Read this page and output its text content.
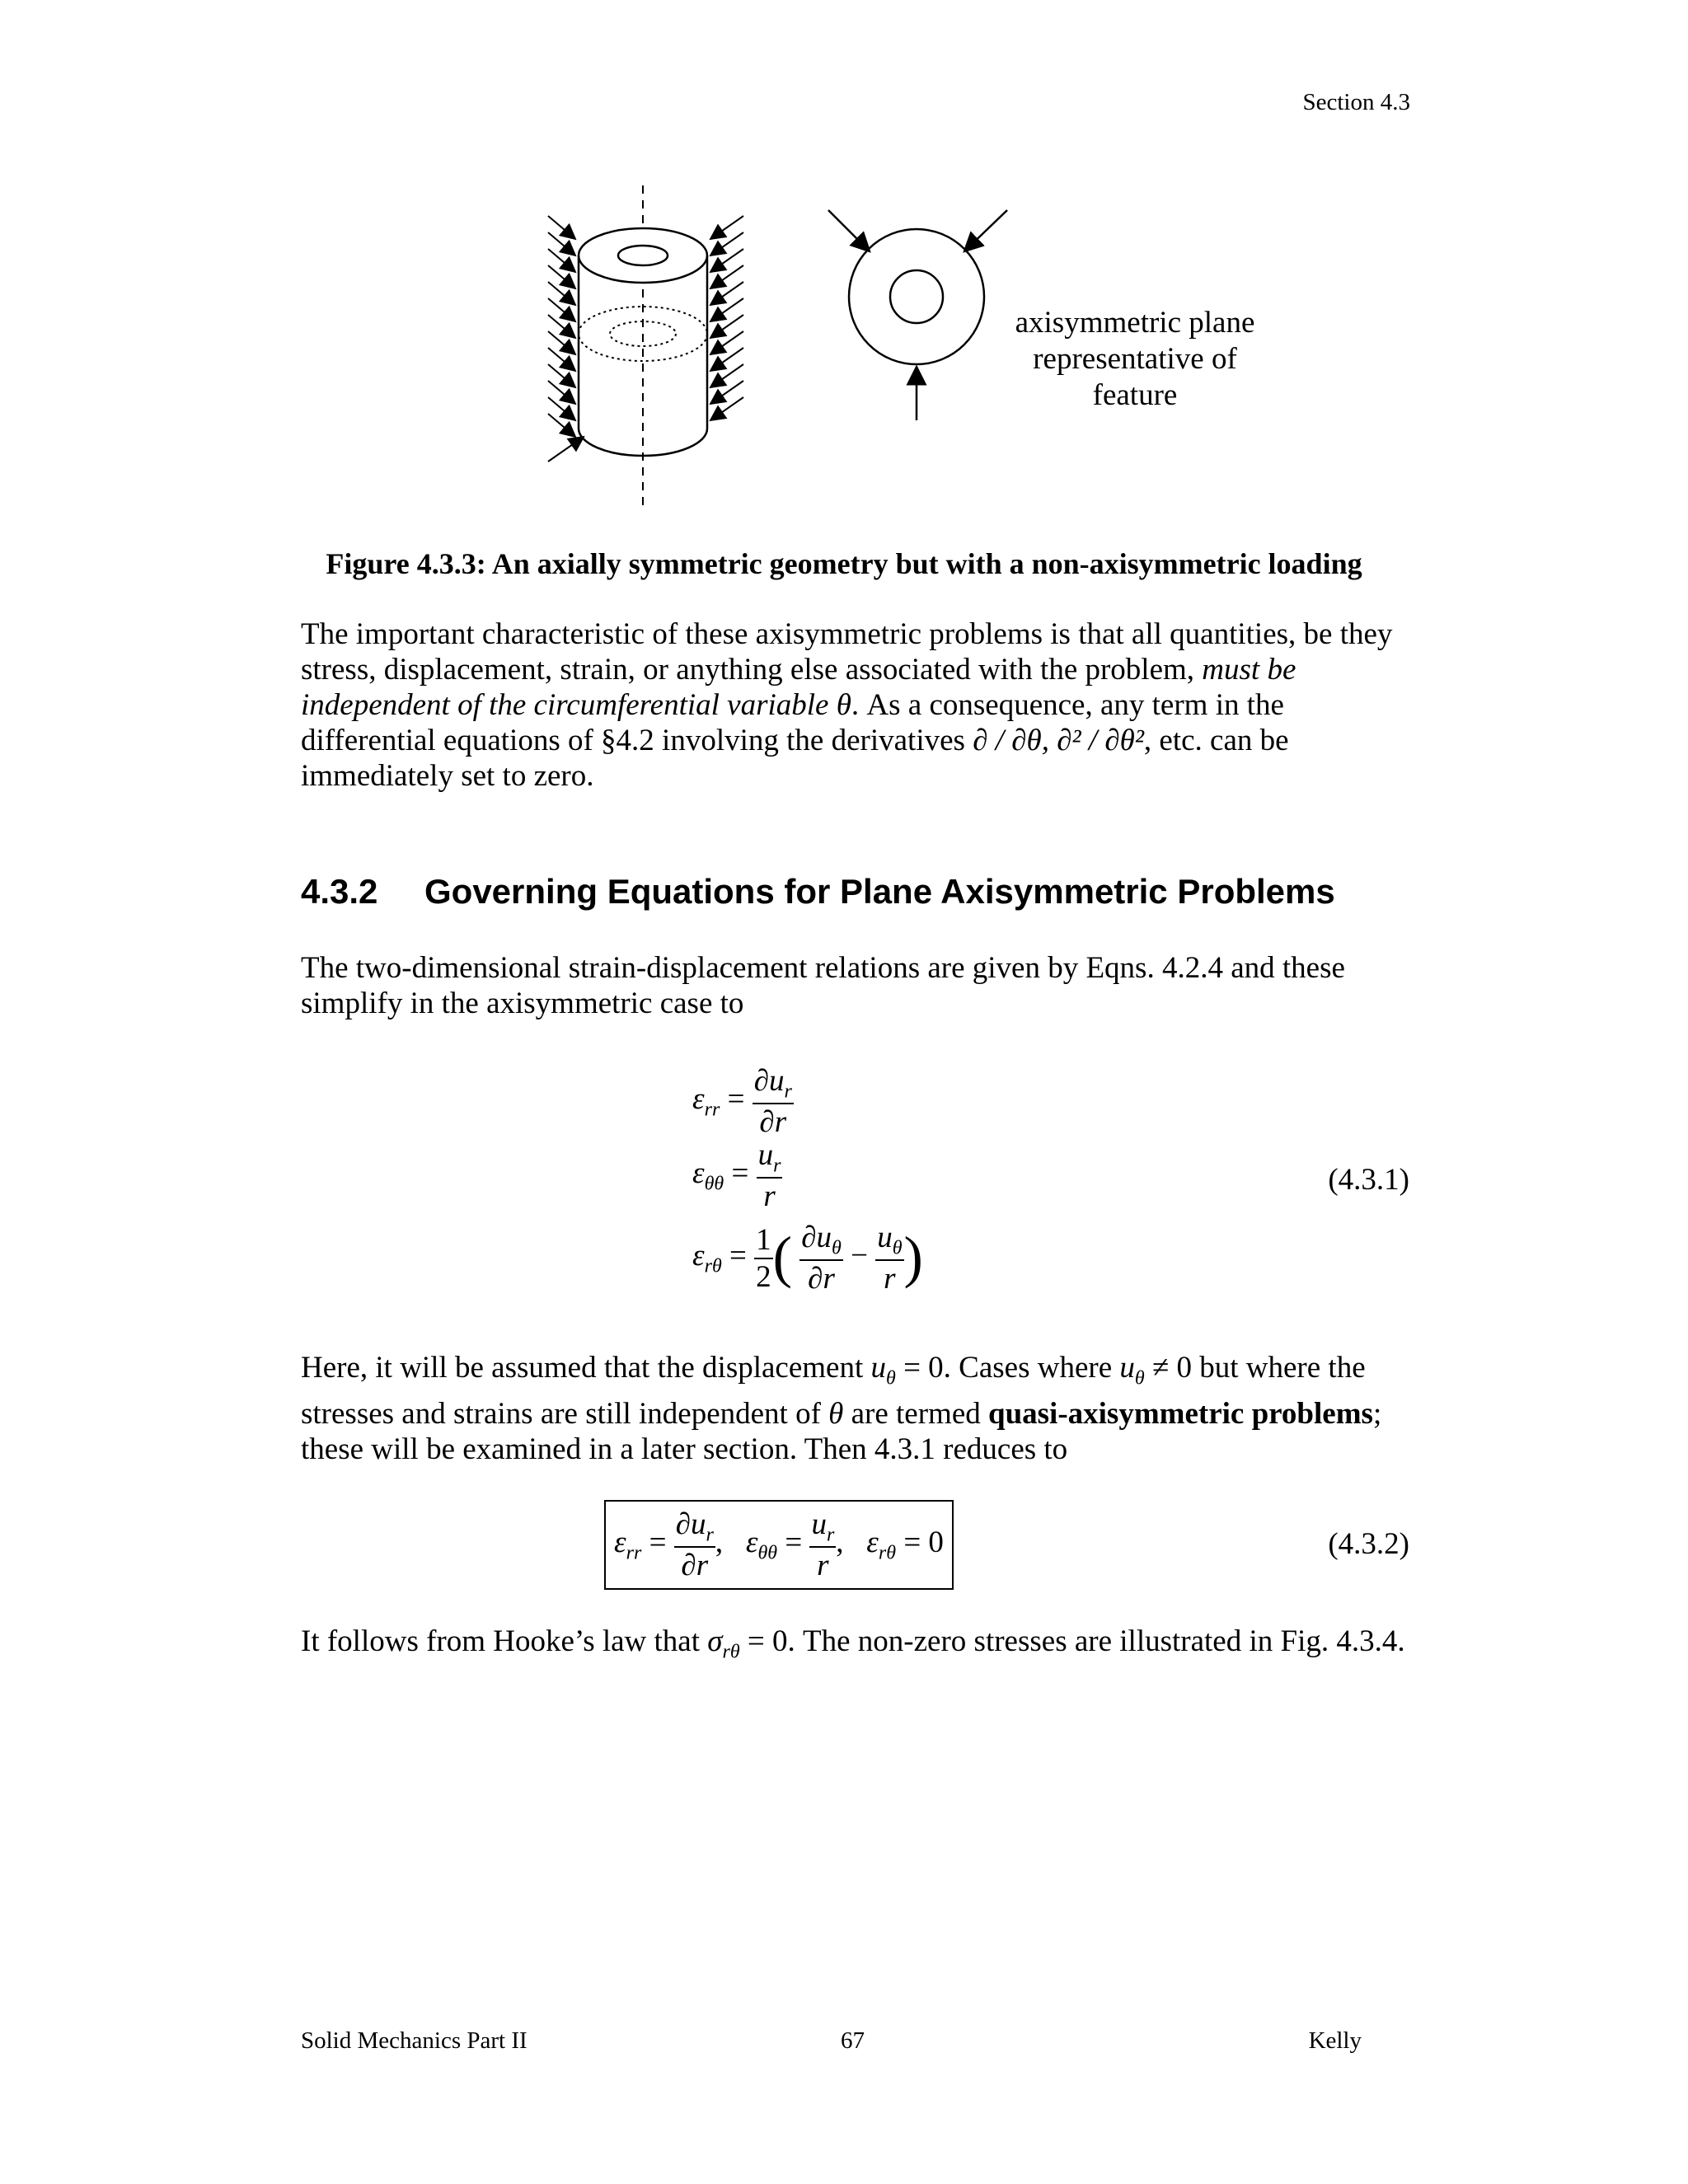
Section 4.3
axisymmetric plane
representative of
feature
Figure 4.3.3: An axially symmetric geometry but with a non-axisymmetric loading
The important characteristic of these axisymmetric problems is that all quantities, be they stress, displacement, strain, or anything else associated with the problem, must be independent of the circumferential variable θ. As a consequence, any term in the differential equations of §4.2 involving the derivatives ∂ / ∂θ, ∂² / ∂θ², etc. can be immediately set to zero.
4.3.2 Governing Equations for Plane Axisymmetric Problems
The two-dimensional strain-displacement relations are given by Eqns. 4.2.4 and these simplify in the axisymmetric case to
$\varepsilon_{rr} = \frac{\partial u_r}{\partial r}$
$\varepsilon_{\theta\theta} = \frac{u_r}{r}$
$\varepsilon_{r\theta} = \frac{1}{2}$ ( $\frac{\partial u_\theta}{\partial r} - \frac{u_\theta}{r}$ )
(4.3.1)
Here, it will be assumed that the displacement $u_\theta = 0$. Cases where $u_\theta \ne 0$ but where the stresses and strains are still independent of θ are termed quasi-axisymmetric problems; these will be examined in a later section. Then 4.3.1 reduces to
$\varepsilon_{rr} = \frac{\partial u_r}{\partial r}$ ,   $\varepsilon_{\theta\theta} = \frac{u_r}{r}$ ,   $\varepsilon_{r\theta} = 0$	(4.3.2)
It follows from Hooke’s law that $\sigma_{r\theta} = 0$. The non-zero stresses are illustrated in Fig. 4.3.4.
Solid Mechanics Part II	67	Kelly
